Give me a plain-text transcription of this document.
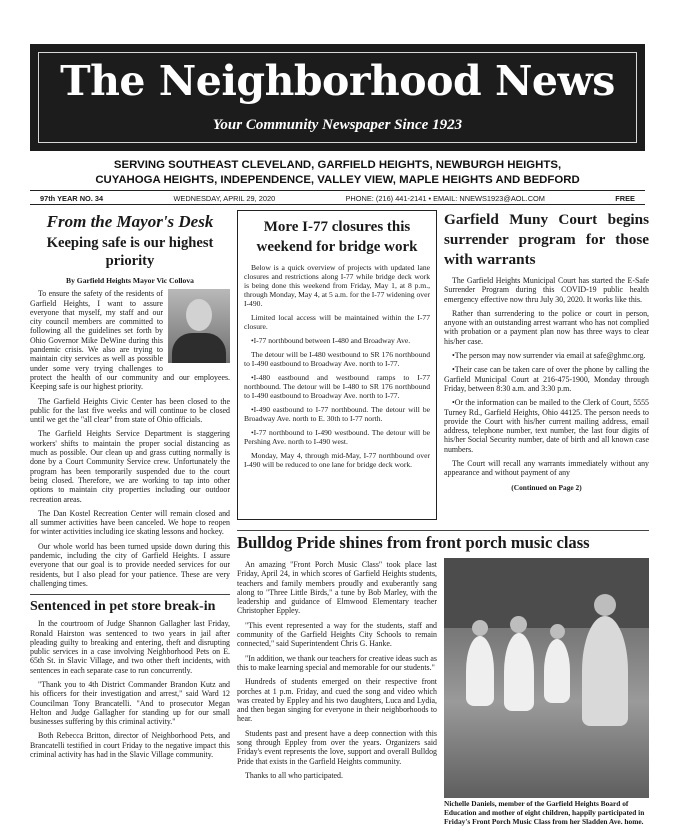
The Neighborhood News
Your Community Newspaper Since 1923
SERVING SOUTHEAST CLEVELAND, GARFIELD HEIGHTS, NEWBURGH HEIGHTS,
CUYAHOGA HEIGHTS, INDEPENDENCE, VALLEY VIEW, MAPLE HEIGHTS AND BEDFORD
97th YEAR NO. 34	WEDNESDAY, APRIL 29, 2020	PHONE: (216) 441-2141 • EMAIL: NNEWS1923@AOL.COM	FREE
From the Mayor's Desk
Keeping safe is our highest priority
By Garfield Heights Mayor Vic Collova

To ensure the safety of the residents of Garfield Heights, I want to assure everyone that myself, my staff and our city council members are committed to following all the guidelines set forth by Ohio Governor Mike DeWine during this pandemic crisis. We also are trying to maintain city services as well as possible under some very trying challenges to protect the health of our community and our employees. Keeping safe is our highest priority.

The Garfield Heights Civic Center has been closed to the public for the last five weeks and will continue to be closed until we get the "all clear" from state of Ohio officials.

The Garfield Heights Service Department is staggering workers' shifts to maintain the proper social distancing as much as possible. Our clean up and grass cutting normally is done by a Court Community Service crew. Unfortunately the program has been temporarily suspended due to the court being closed. Therefore, we are working to tap into other options to maintain city properties including our outdoor recreation areas.

The Dan Kostel Recreation Center will remain closed and all summer activities have been canceled. We hope to reopen for winter activities including ice skating lessons and hockey.

Our whole world has been turned upside down during this pandemic, including the city of Garfield Heights. I assure everyone that our goal is to provide needed services for our residents, but I also plead for your patience. These are very challenging times.

Sentenced in pet store break-in

In the courtroom of Judge Shannon Gallagher last Friday, Ronald Hairston was sentenced to two years in jail after pleading guilty to breaking and entering, theft and disrupting public services in a case involving Neighborhood Pets on E. 65th St. in Slavic Village, and two other theft incidents, with sentences in each separate case to run concurrently.

"Thank you to 4th District Commander Brandon Kutz and his officers for their investigation and arrest," said Ward 12 Councilman Tony Brancatelli. "And to prosecutor Megan Helton and Judge Gallagher for standing up for our small businesses suffering by this criminal activity."

Both Rebecca Britton, director of Neighborhood Pets, and Brancatelli testified in court Friday to the negative impact this criminal activity has had in the Slavic Village community.

More I-77 closures this weekend for bridge work

Below is a quick overview of projects with updated lane closures and restrictions along I-77 while bridge deck work is being done this weekend from Friday, May 1, at 8 p.m., through Monday, May 4, at 5 a.m. for the I-77 widening over I-490.

Limited local access will be maintained within the I-77 closure.

•I-77 northbound between I-480 and Broadway Ave.

The detour will be I-480 westbound to SR 176 northbound to I-490 eastbound to Broadway Ave. north to I-77.

•I-480 eastbound and westbound ramps to I-77 northbound. The detour will be I-480 to SR 176 northbound to I-490 eastbound to Broadway Ave. north to I-77.

•I-490 eastbound to I-77 northbound. The detour will be Broadway Ave. north to E. 30th to I-77 north.

•I-77 northbound to I-490 westbound. The detour will be Pershing Ave. north to I-490 west.

Monday, May 4, through mid-May, I-77 northbound over I-490 will be reduced to one lane for bridge deck work.

Garfield Muny Court begins surrender program for those with warrants

The Garfield Heights Municipal Court has started the E-Safe Surrender Program during this COVID-19 public health emergency effective now thru July 30, 2020. It works like this.

Rather than surrendering to the police or court in person, anyone with an outstanding arrest warrant who has not complied with probation or a payment plan now has three ways to clear his/her case.

•The person may now surrender via email at safe@ghmc.org.

•Their case can be taken care of over the phone by calling the Garfield Municipal Court at 216-475-1900, Monday through Friday, between 8:30 a.m. and 3:30 p.m.

•Or the information can be mailed to the Clerk of Court, 5555 Turney Rd., Garfield Heights, Ohio 44125. The person needs to provide the Court with his/her current mailing address, email address, telephone number, text number, the last four digits of his/her Social Security number, date of birth and all known case numbers.

The Court will recall any warrants immediately without any appearance and without payment of any

(Continued on Page 2)
Bulldog Pride shines from front porch music class

An amazing "Front Porch Music Class" took place last Friday, April 24, in which scores of Garfield Heights students, teachers and family members proudly and exuberantly sang along to "Three Little Birds," a tune by Bob Marley, with the leadership and guidance of Elmwood Elementary teacher Christopher Eppley.

"This event represented a way for the students, staff and community of the Garfield Heights City Schools to remain connected," said Superintendent Chris G. Hanke.

"In addition, we thank our teachers for creative ideas such as this to make learning special and memorable for our students."

Hundreds of students emerged on their respective front porches at 1 p.m. Friday, and cued the song and video which was created by Eppley and his two daughters, Luca and Lydia, and then began singing for everyone in their neighborhoods to hear.

Students past and present have a deep connection with this song through Eppley from over the years. Organizers said Friday's event represents the love, support and overall Bulldog Pride that exists in the Garfield Heights community.

Thanks to all who participated.

Nichelle Daniels, member of the Garfield Heights Board of Education and mother of eight children, happily participated in Friday's Front Porch Music Class from her Sladden Ave. home.
